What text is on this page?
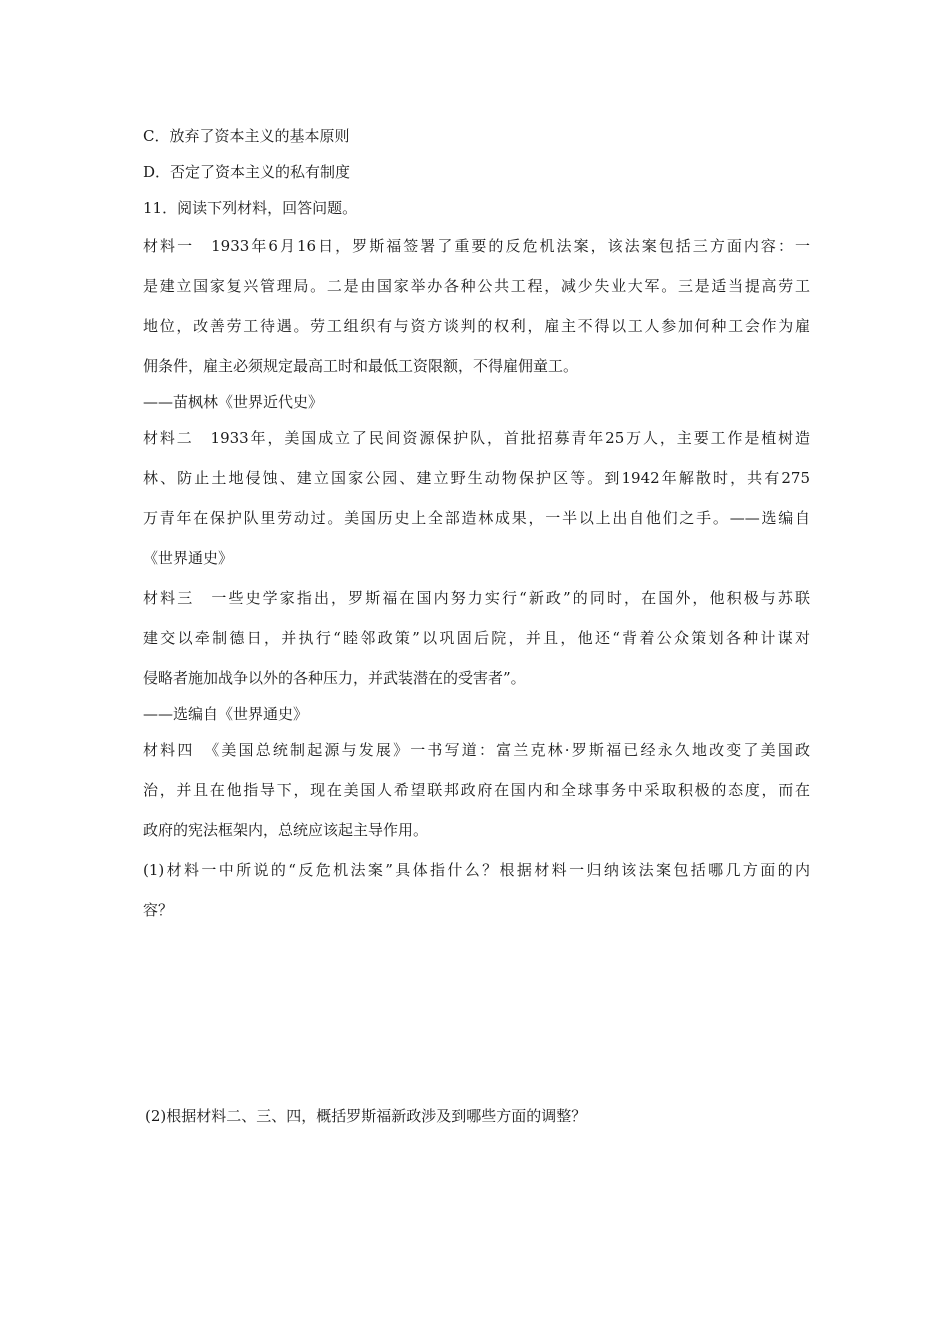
C．放弃了资本主义的基本原则
D．否定了资本主义的私有制度
11．阅读下列材料，回答问题。
材料一　1933年6月16日，罗斯福签署了重要的反危机法案，该法案包括三方面内容：一
是建立国家复兴管理局。二是由国家举办各种公共工程，减少失业大军。三是适当提高劳工
地位，改善劳工待遇。劳工组织有与资方谈判的权利，雇主不得以工人参加何种工会作为雇
佣条件，雇主必须规定最高工时和最低工资限额，不得雇佣童工。
——苗枫林《世界近代史》
材料二　1933年，美国成立了民间资源保护队，首批招募青年25万人，主要工作是植树造
林、防止土地侵蚀、建立国家公园、建立野生动物保护区等。到1942年解散时，共有275
万青年在保护队里劳动过。美国历史上全部造林成果，一半以上出自他们之手。——选编自
《世界通史》
材料三　一些史学家指出，罗斯福在国内努力实行“新政”的同时，在国外，他积极与苏联
建交以牵制德日，并执行“睦邻政策”以巩固后院，并且，他还“背着公众策划各种计谋对
侵略者施加战争以外的各种压力，并武装潜在的受害者”。
——选编自《世界通史》
材料四　《美国总统制起源与发展》一书写道：富兰克林·罗斯福已经永久地改变了美国政
治，并且在他指导下，现在美国人希望联邦政府在国内和全球事务中采取积极的态度，而在
政府的宪法框架内，总统应该起主导作用。
(1)材料一中所说的“反危机法案”具体指什么？根据材料一归纳该法案包括哪几方面的内
容？
(2)根据材料二、三、四，概括罗斯福新政涉及到哪些方面的调整？
